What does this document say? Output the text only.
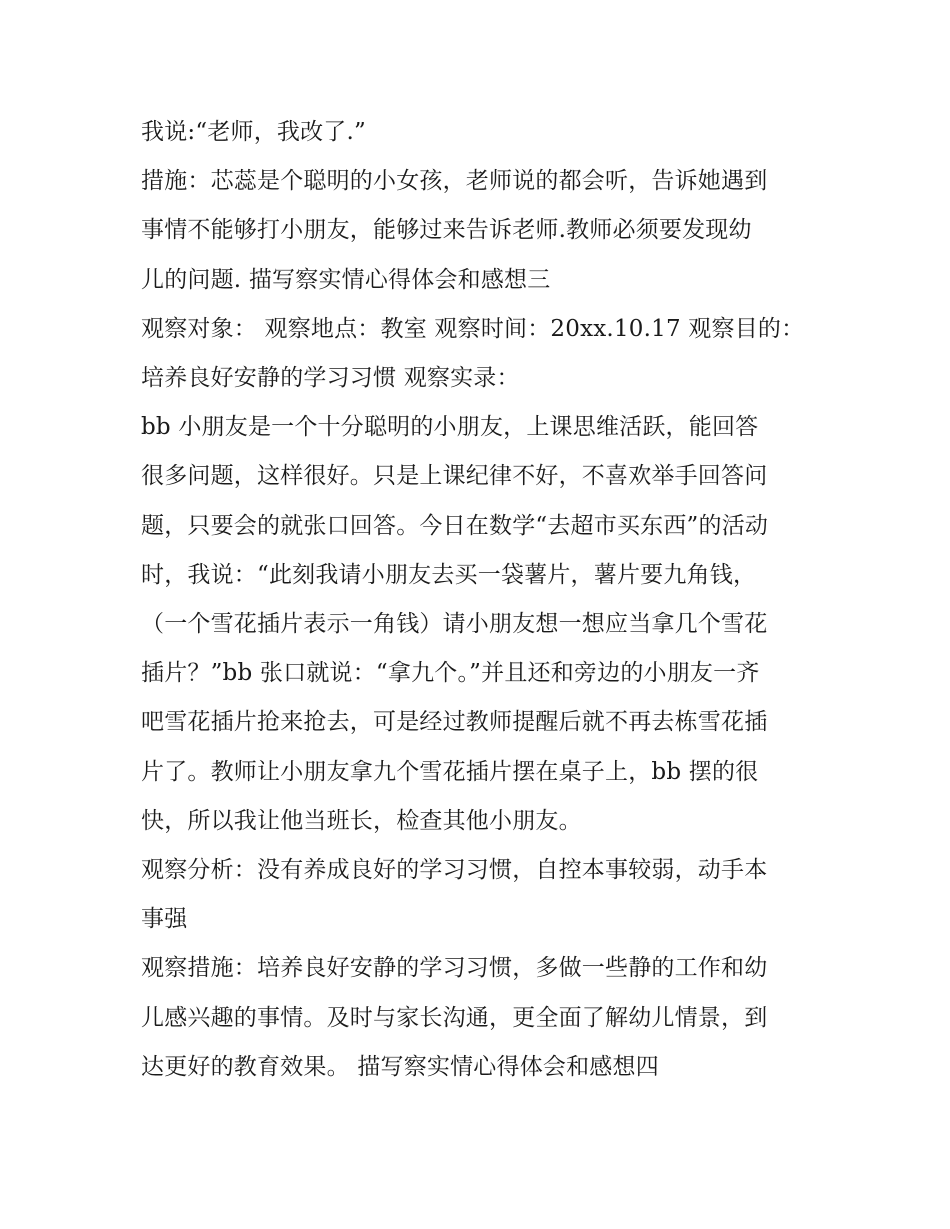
我说:“老师，我改了.”

措施：芯蕊是个聪明的小女孩，老师说的都会听，告诉她遇到
事情不能够打小朋友，能够过来告诉老师.教师必须要发现幼
儿的问题. 描写察实情心得体会和感想三

观察对象： 观察地点：教室 观察时间：20xx.10.17 观察目的：
培养良好安静的学习习惯 观察实录：

bb 小朋友是一个十分聪明的小朋友，上课思维活跃，能回答
很多问题，这样很好。只是上课纪律不好，不喜欢举手回答问
题，只要会的就张口回答。今日在数学“去超市买东西”的活动
时，我说：“此刻我请小朋友去买一袋薯片，薯片要九角钱，
（一个雪花插片表示一角钱）请小朋友想一想应当拿几个雪花
插片？”bb 张口就说：“拿九个。”并且还和旁边的小朋友一齐
吧雪花插片抢来抢去，可是经过教师提醒后就不再去栋雪花插
片了。教师让小朋友拿九个雪花插片摆在桌子上，bb 摆的很
快，所以我让他当班长，检查其他小朋友。

观察分析：没有养成良好的学习习惯，自控本事较弱，动手本
事强

观察措施：培养良好安静的学习习惯，多做一些静的工作和幼
儿感兴趣的事情。及时与家长沟通，更全面了解幼儿情景，到
达更好的教育效果。 描写察实情心得体会和感想四
